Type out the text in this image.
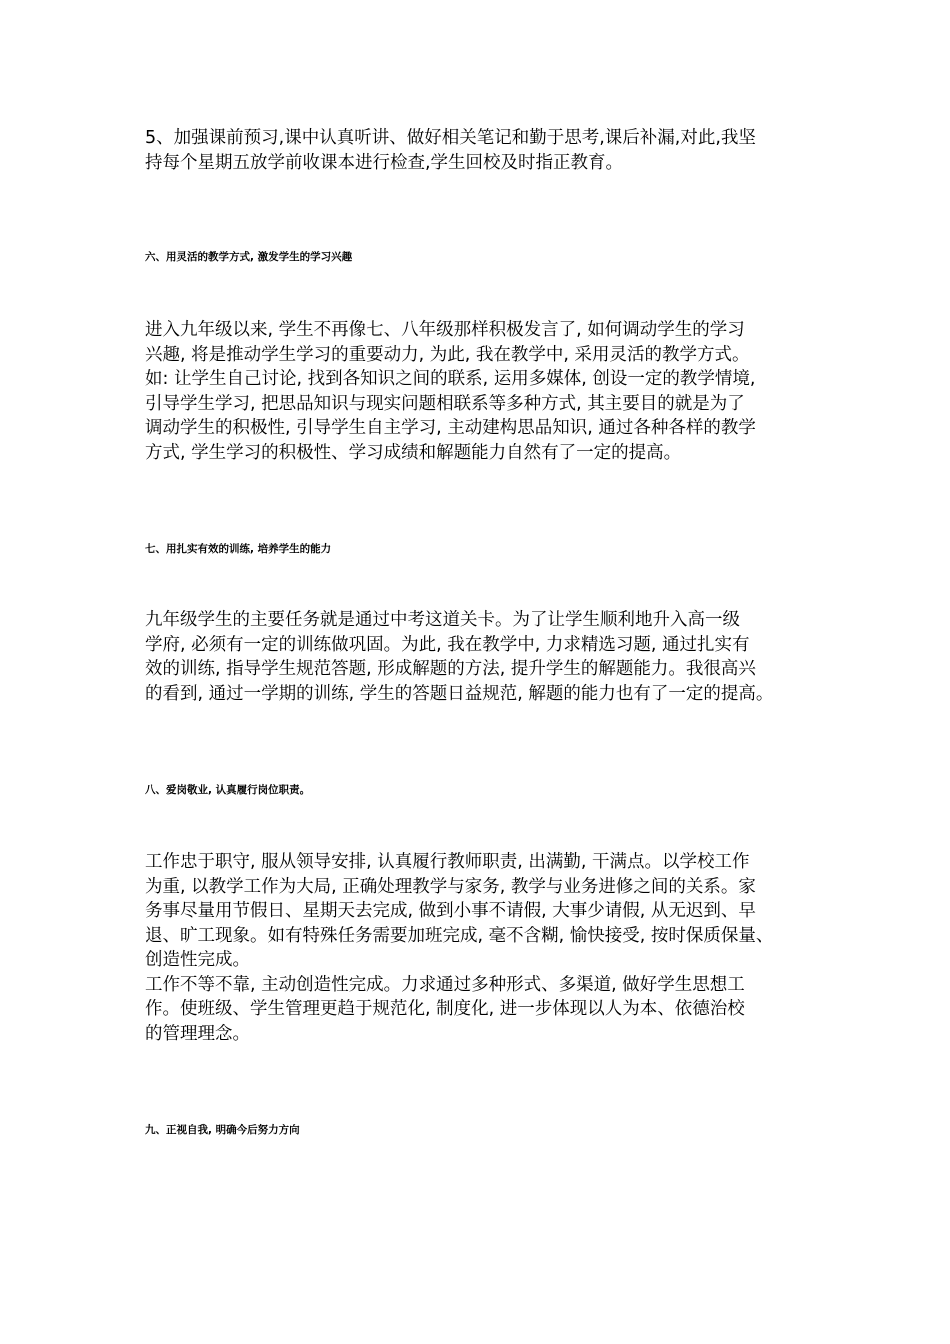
5、加强课前预习,课中认真听讲、做好相关笔记和勤于思考,课后补漏,对此,我坚
持每个星期五放学前收课本进行检查,学生回校及时指正教育。

六、用灵活的教学方式, 激发学生的学习兴趣

进入九年级以来, 学生不再像七、八年级那样积极发言了, 如何调动学生的学习
兴趣, 将是推动学生学习的重要动力, 为此, 我在教学中, 采用灵活的教学方式。
如: 让学生自己讨论, 找到各知识之间的联系, 运用多媒体, 创设一定的教学情境,
引导学生学习, 把思品知识与现实问题相联系等多种方式, 其主要目的就是为了
调动学生的积极性, 引导学生自主学习, 主动建构思品知识, 通过各种各样的教学
方式, 学生学习的积极性、学习成绩和解题能力自然有了一定的提高。

七、用扎实有效的训练, 培养学生的能力

九年级学生的主要任务就是通过中考这道关卡。为了让学生顺利地升入高一级
学府, 必须有一定的训练做巩固。为此, 我在教学中, 力求精选习题, 通过扎实有
效的训练, 指导学生规范答题, 形成解题的方法, 提升学生的解题能力。我很高兴
的看到, 通过一学期的训练, 学生的答题日益规范, 解题的能力也有了一定的提高。

八、爱岗敬业, 认真履行岗位职责。

工作忠于职守, 服从领导安排, 认真履行教师职责, 出满勤, 干满点。以学校工作
为重, 以教学工作为大局, 正确处理教学与家务, 教学与业务进修之间的关系。家
务事尽量用节假日、星期天去完成, 做到小事不请假, 大事少请假, 从无迟到、早
退、旷工现象。如有特殊任务需要加班完成, 毫不含糊, 愉快接受, 按时保质保量、
创造性完成。
工作不等不靠, 主动创造性完成。力求通过多种形式、多渠道, 做好学生思想工
作。使班级、学生管理更趋于规范化, 制度化, 进一步体现以人为本、依德治校
的管理理念。

九、正视自我, 明确今后努力方向
